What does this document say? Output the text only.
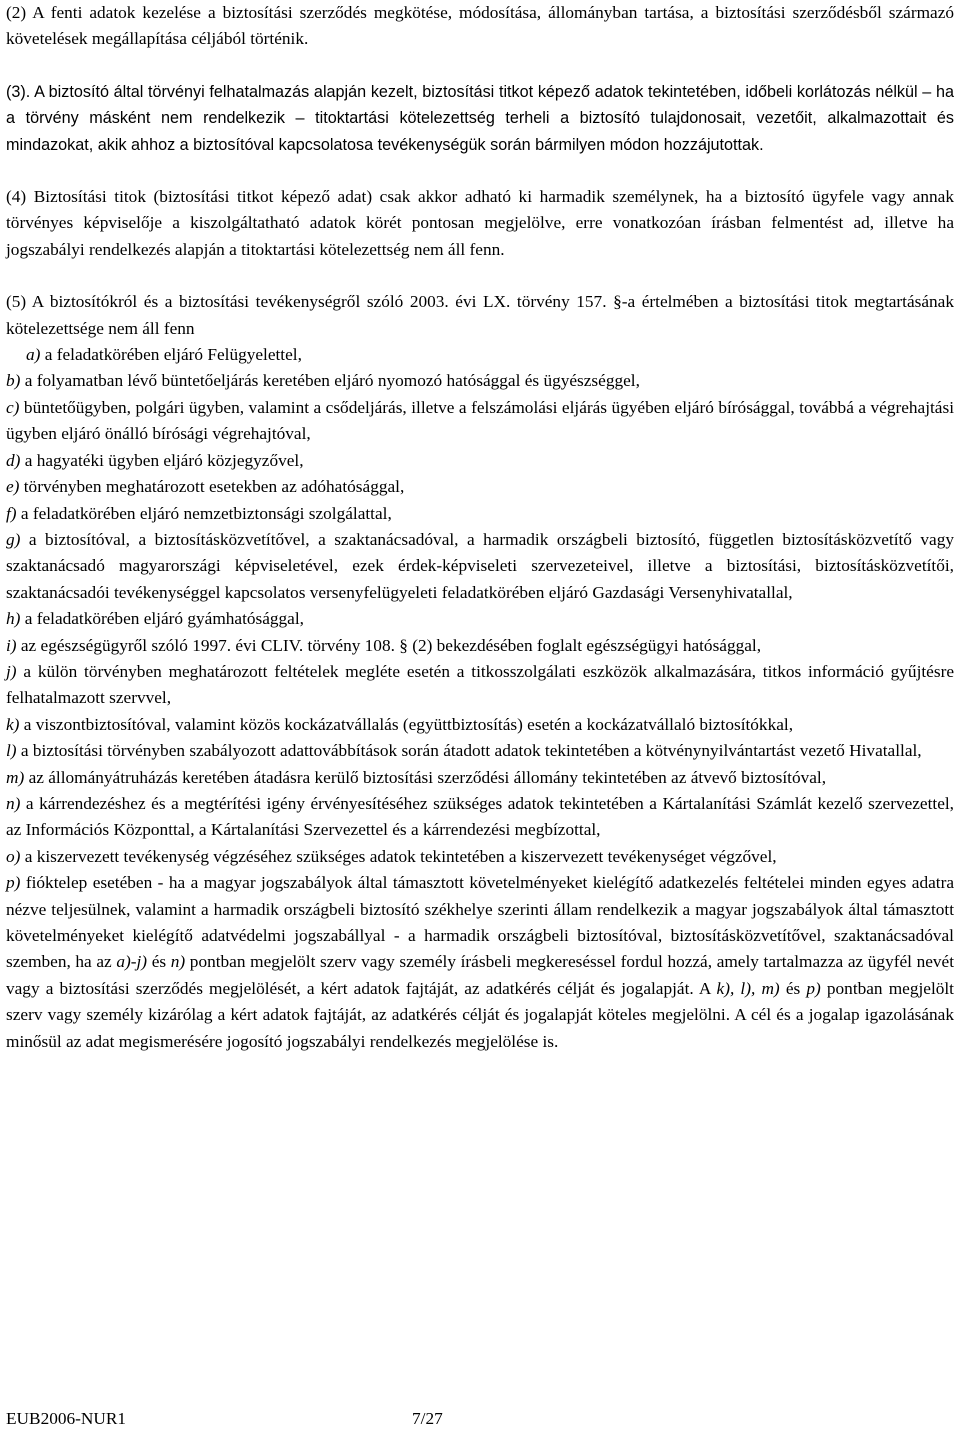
(2) A fenti adatok kezelése a biztosítási szerződés megkötése, módosítása, állományban tartása, a biztosítási szerződésből származó követelések megállapítása céljából történik.

(3). A biztosító által törvényi felhatalmazás alapján kezelt, biztosítási titkot képező adatok tekintetében, időbeli korlátozás nélkül – ha a törvény másként nem rendelkezik – titoktartási kötelezettség terheli a biztosító tulajdonosait, vezetőit, alkalmazottait és mindazokat, akik ahhoz a biztosítóval kapcsolatosa tevékenységük során bármilyen módon hozzájutottak.

(4) Biztosítási titok (biztosítási titkot képező adat) csak akkor adható ki harmadik személynek, ha a biztosító ügyfele vagy annak törvényes képviselője a kiszolgáltatható adatok körét pontosan megjelölve, erre vonatkozóan írásban felmentést ad, illetve ha jogszabályi rendelkezés alapján a titoktartási kötelezettség nem áll fenn.

(5) A biztosítókról és a biztosítási tevékenységről szóló 2003. évi LX. törvény 157. §-a értelmében a biztosítási titok megtartásának kötelezettsége nem áll fenn

a) a feladatkörében eljáró Felügyelettel,

b) a folyamatban lévő büntetőeljárás keretében eljáró nyomozó hatósággal és ügyészséggel,

c) büntetőügyben, polgári ügyben, valamint a csődeljárás, illetve a felszámolási eljárás ügyében eljáró bírósággal, továbbá a végrehajtási ügyben eljáró önálló bírósági végrehajtóval,

d) a hagyatéki ügyben eljáró közjegyzővel,

e) törvényben meghatározott esetekben az adóhatósággal,

f) a feladatkörében eljáró nemzetbiztonsági szolgálattal,

g) a biztosítóval, a biztosításközvetítővel, a szaktanácsadóval, a harmadik országbeli biztosító, független biztosításközvetítő vagy szaktanácsadó magyarországi képviseletével, ezek érdek-képviseleti szervezeteivel, illetve a biztosítási, biztosításközvetítői, szaktanácsadói tevékenységgel kapcsolatos versenyfelügyeleti feladatkörében eljáró Gazdasági Versenyhivatallal,

h) a feladatkörében eljáró gyámhatósággal,

i) az egészségügyről szóló 1997. évi CLIV. törvény 108. § (2) bekezdésében foglalt egészségügyi hatósággal,

j) a külön törvényben meghatározott feltételek megléte esetén a titkosszolgálati eszközök alkalmazására, titkos információ gyűjtésre felhatalmazott szervvel,

k) a viszontbiztosítóval, valamint közös kockázatvállalás (együttbiztosítás) esetén a kockázatvállaló biztosítókkal,

l) a biztosítási törvényben szabályozott adattovábbítások során átadott adatok tekintetében a kötvénynyilvántartást vezető Hivatallal,

m) az állományátruházás keretében átadásra kerülő biztosítási szerződési állomány tekintetében az átvevő biztosítóval,

n) a kárrendezéshez és a megtérítési igény érvényesítéséhez szükséges adatok tekintetében a Kártalanítási Számlát kezelő szervezettel, az Információs Központtal, a Kártalanítási Szervezettel és a kárrendezési megbízottal,

o) a kiszervezett tevékenység végzéséhez szükséges adatok tekintetében a kiszervezett tevékenységet végzővel,

p) fióktelep esetében - ha a magyar jogszabályok által támasztott követelményeket kielégítő adatkezelés feltételei minden egyes adatra nézve teljesülnek, valamint a harmadik országbeli biztosító székhelye szerinti állam rendelkezik a magyar jogszabályok által támasztott követelményeket kielégítő adatvédelmi jogszabállyal - a harmadik országbeli biztosítóval, biztosításközvetítővel, szaktanácsadóval szemben, ha az a)-j) és n) pontban megjelölt szerv vagy személy írásbeli megkereséssel fordul hozzá, amely tartalmazza az ügyfél nevét vagy a biztosítási szerződés megjelölését, a kért adatok fajtáját, az adatkérés célját és jogalapját. A k), l), m) és p) pontban megjelölt szerv vagy személy kizárólag a kért adatok fajtáját, az adatkérés célját és jogalapját köteles megjelölni. A cél és a jogalap igazolásának minősül az adat megismerésére jogosító jogszabályi rendelkezés megjelölése is.

EUB2006-NUR1	7/27
